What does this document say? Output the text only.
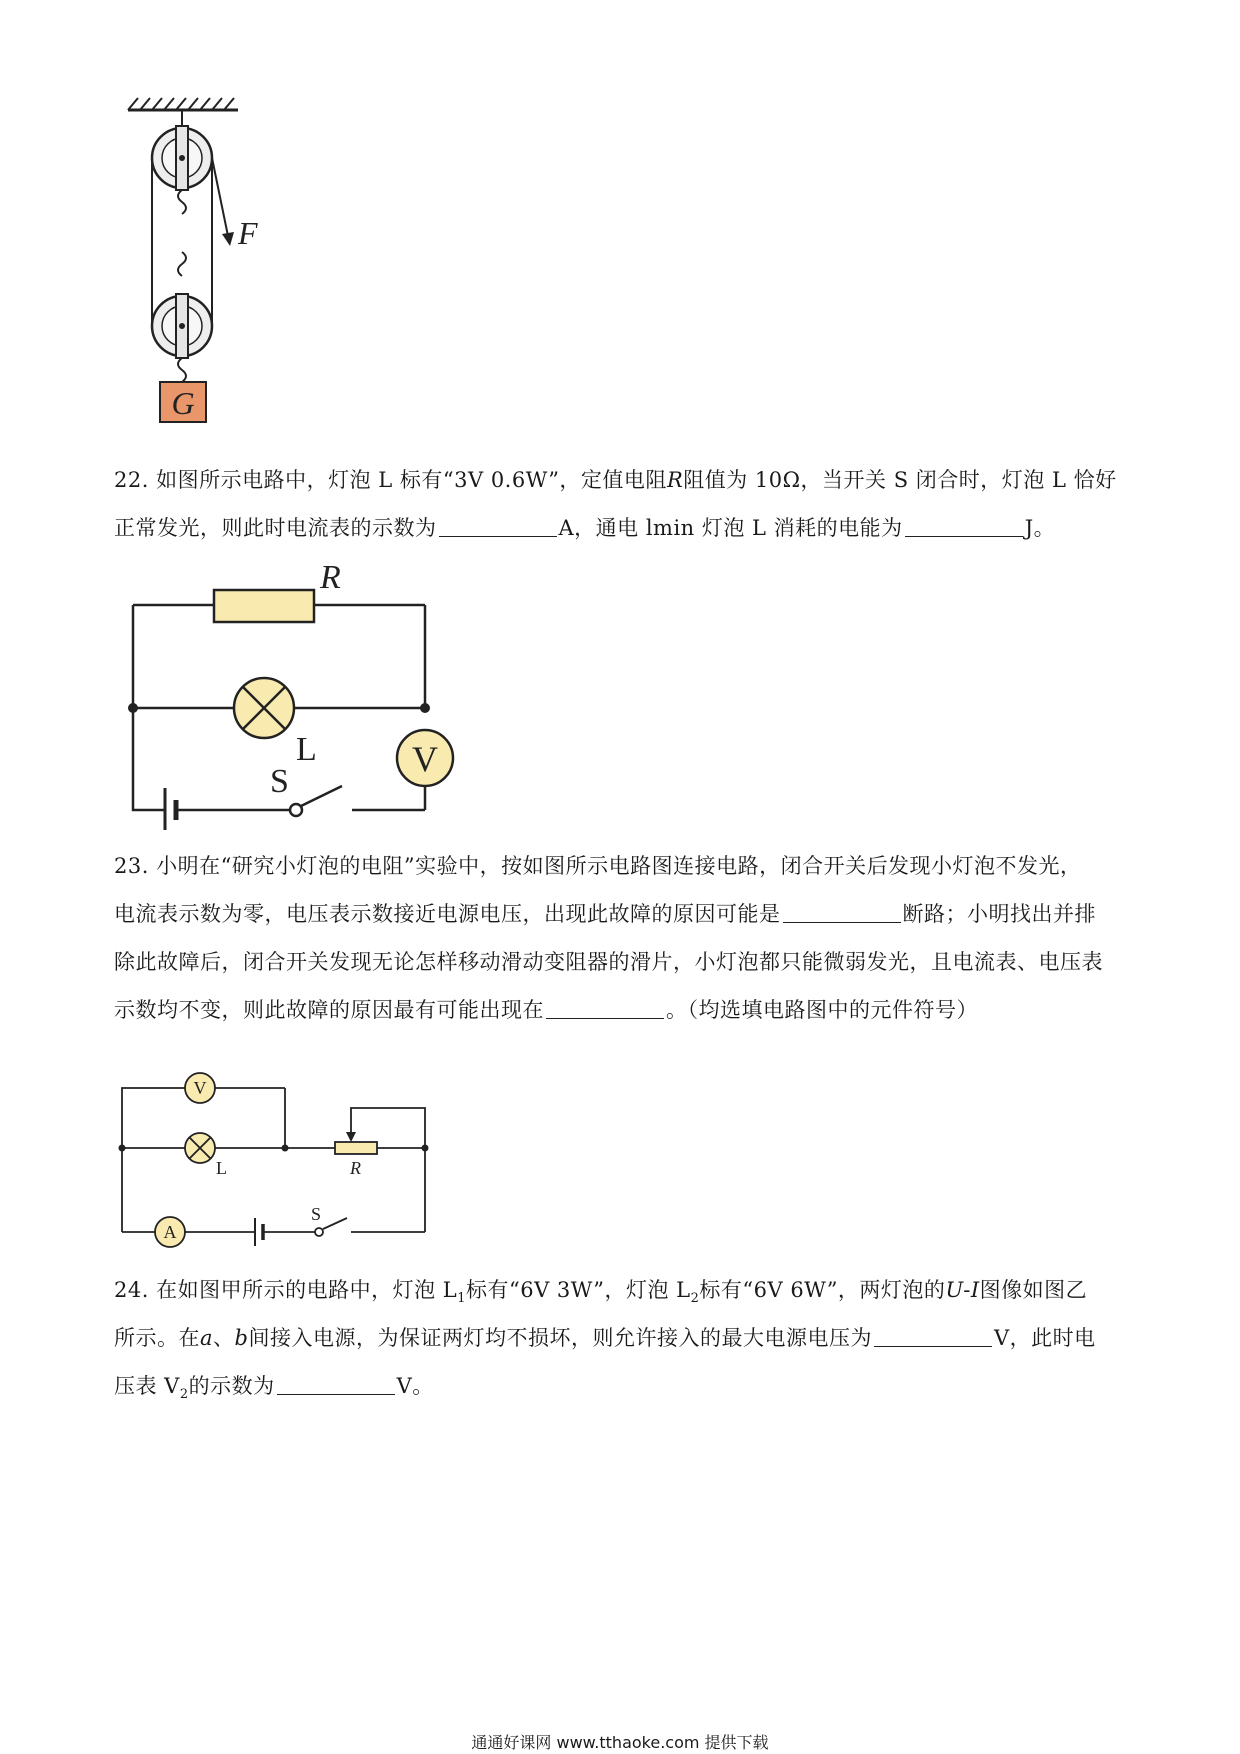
G
F
22. 如图所示电路中，灯泡 L 标有“3V 0.6W”，定值电阻R阻值为 10Ω，当开关 S 闭合时，灯泡 L 恰好
正常发光，则此时电流表的示数为	A，通电 lmin 灯泡 L 消耗的电能为	J。
R
L	V
S
23. 小明在“研究小灯泡的电阻”实验中，按如图所示电路图连接电路，闭合开关后发现小灯泡不发光，
电流表示数为零，电压表示数接近电源电压，出现此故障的原因可能是	断路；小明找出并排
除此故障后，闭合开关发现无论怎样移动滑动变阻器的滑片，小灯泡都只能微弱发光，且电流表、电压表
示数均不变，则此故障的原因最有可能出现在	。（均选填电路图中的元件符号）
V
L	R
A
S
24. 在如图甲所示的电路中，灯泡 $L_1$标有“6V 3W”，灯泡 $L_2$标有“6V 6W”，两灯泡的U-I图像如图乙
所示。在a、b间接入电源，为保证两灯均不损坏，则允许接入的最大电源电压为	V，此时电
压表 $V_2$的示数为	V。
通通好课网 www.tthaoke.com 提供下载
